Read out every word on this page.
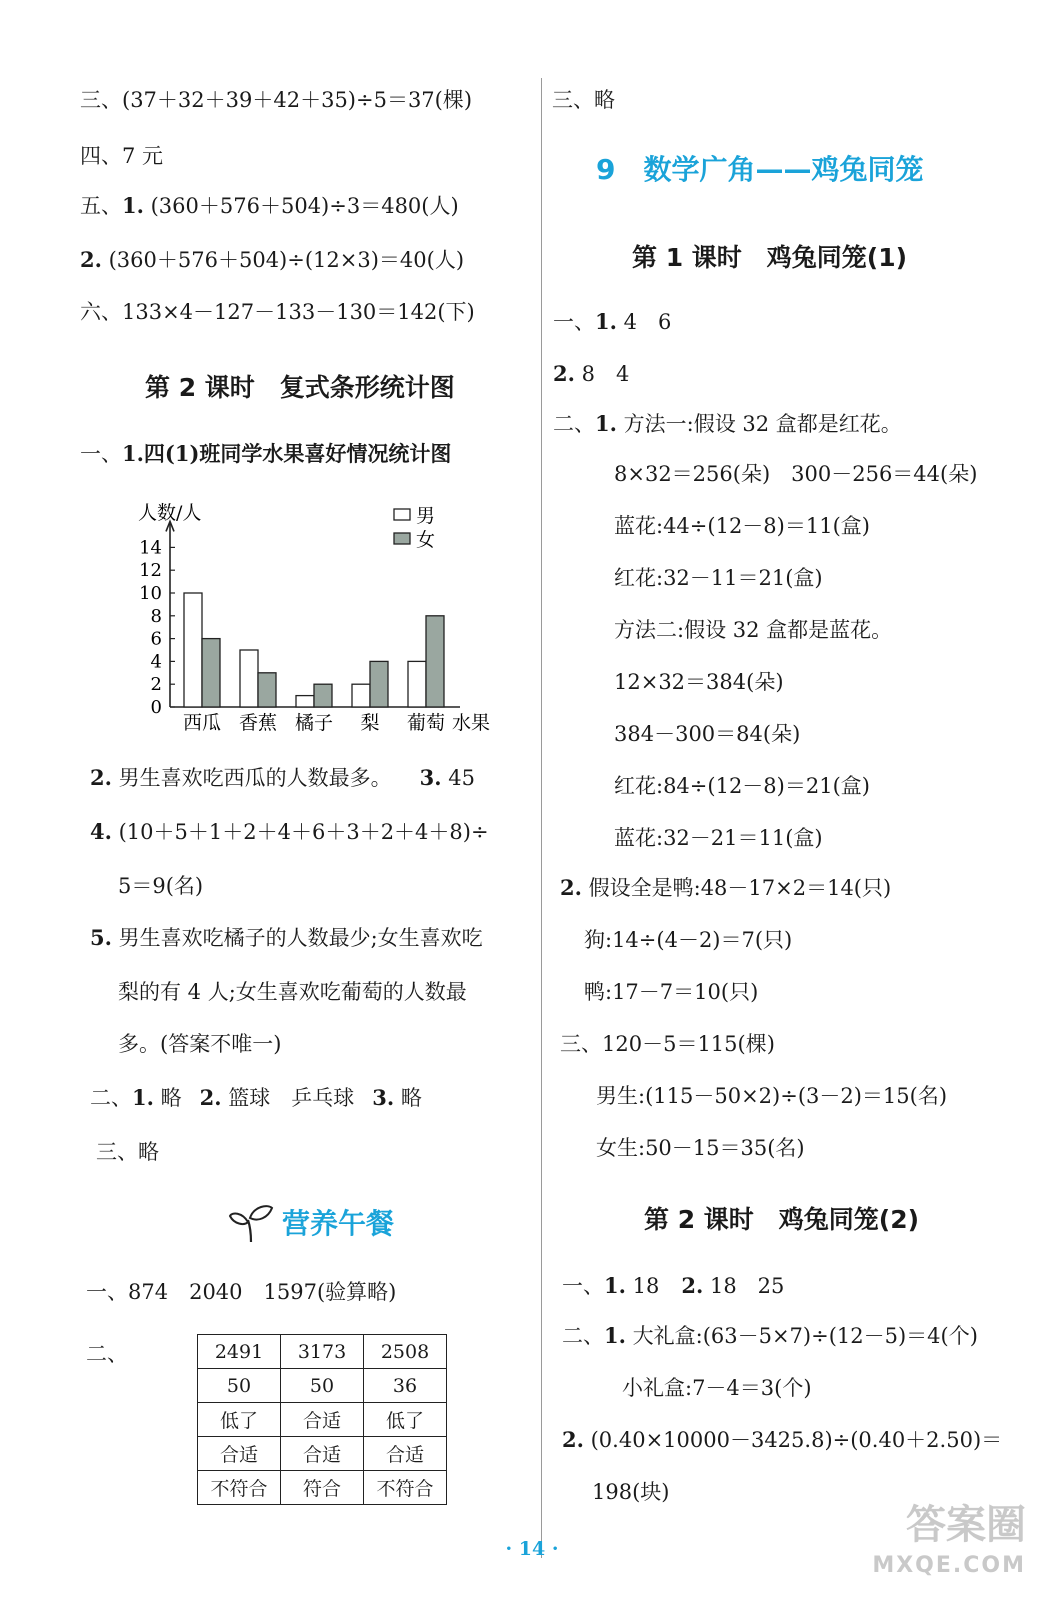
三、(37＋32＋39＋42＋35)÷5＝37(棵)
四、7 元
五、1. (360＋576＋504)÷3＝480(人)
2. (360＋576＋504)÷(12×3)＝40(人)
六、133×4－127－133－130＝142(下)
第 2 课时　复式条形统计图
一、1.四(1)班同学水果喜好情况统计图
0
2
4
6
8
10
12
14
人数/人
水果
男
女
西瓜 香蕉 橘子 梨 葡萄
2. 男生喜欢吃西瓜的人数最多。 3. 45
4. (10＋5＋1＋2＋4＋6＋3＋2＋4＋8)÷
5＝9(名)
5. 男生喜欢吃橘子的人数最少;女生喜欢吃
梨的有 4 人;女生喜欢吃葡萄的人数最
多。(答案不唯一)
二、1. 略 2. 篮球　乒乓球 3. 略
三、略
营养午餐
一、874　2040　1597(验算略)
二、	2491	3173	2508
50	50	36
低了	合适	低了
合适	合适	合适
不符合	符合	不符合
三、略
9　数学广角——鸡兔同笼
第 1 课时　鸡兔同笼(1)
一、1. 4　6
2. 8　4
二、1. 方法一:假设 32 盒都是红花。
8×32＝256(朵)　300－256＝44(朵)
蓝花:44÷(12－8)＝11(盒)
红花:32－11＝21(盒)
方法二:假设 32 盒都是蓝花。
12×32＝384(朵)
384－300＝84(朵)
红花:84÷(12－8)＝21(盒)
蓝花:32－21＝11(盒)
2. 假设全是鸭:48－17×2＝14(只)
狗:14÷(4－2)＝7(只)
鸭:17－7＝10(只)
三、120－5＝115(棵)
男生:(115－50×2)÷(3－2)＝15(名)
女生:50－15＝35(名)
第 2 课时　鸡兔同笼(2)
一、1. 18 2. 18　25
二、1. 大礼盒:(63－5×7)÷(12－5)＝4(个)
小礼盒:7－4＝3(个)
2. (0.40×10000－3425.8)÷(0.40＋2.50)＝
198(块)
· 14 ·
答案圈
MXQE.COM
